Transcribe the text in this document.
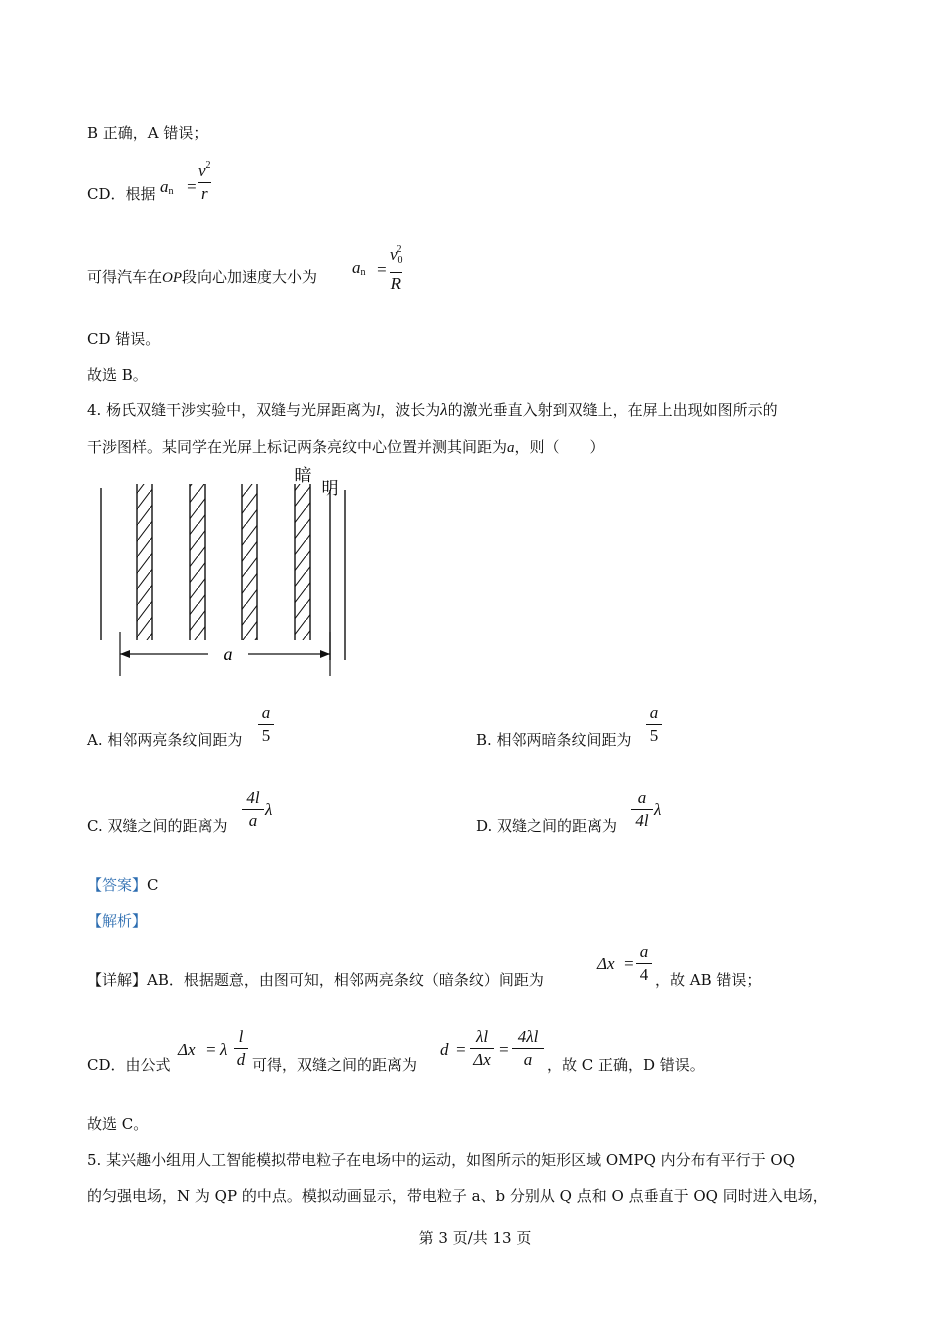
B 正确，A 错误；
CD．根据 $a_n$ =
$v^2$
r
可得汽车在OP段向心加速度大小为 $a_n$ =
$v_0^2$
R
CD 错误。
故选 B。
4. 杨氏双缝干涉实验中，双缝与光屏距离为l，波长为λ的激光垂直入射到双缝上，在屏上出现如图所示的
干涉图样。某同学在光屏上标记两条亮纹中心位置并测其间距为a，则（　　）
a
暗
明
A. 相邻两亮条纹间距为
a
5	B. 相邻两暗条纹间距为
a
5
C. 双缝之间的距离为
4l
a
λ
D. 双缝之间的距离为
a
4l
λ
【答案】C
【解析】
【详解】AB．根据题意，由图可知，相邻两亮条纹（暗条纹）间距为
Δx =
a
4 ，故 AB 错误；
CD．由公式
Δx = λ
l
d 可得，双缝之间的距离为
d =
λl
Δx
=
4λl
a ，故 C 正确，D 错误。
故选 C。
5. 某兴趣小组用人工智能模拟带电粒子在电场中的运动，如图所示的矩形区域 OMPQ 内分布有平行于 OQ
的匀强电场，N 为 QP 的中点。模拟动画显示，带电粒子 a、b 分别从 Q 点和 O 点垂直于 OQ 同时进入电场，
第 3 页/共 13 页
